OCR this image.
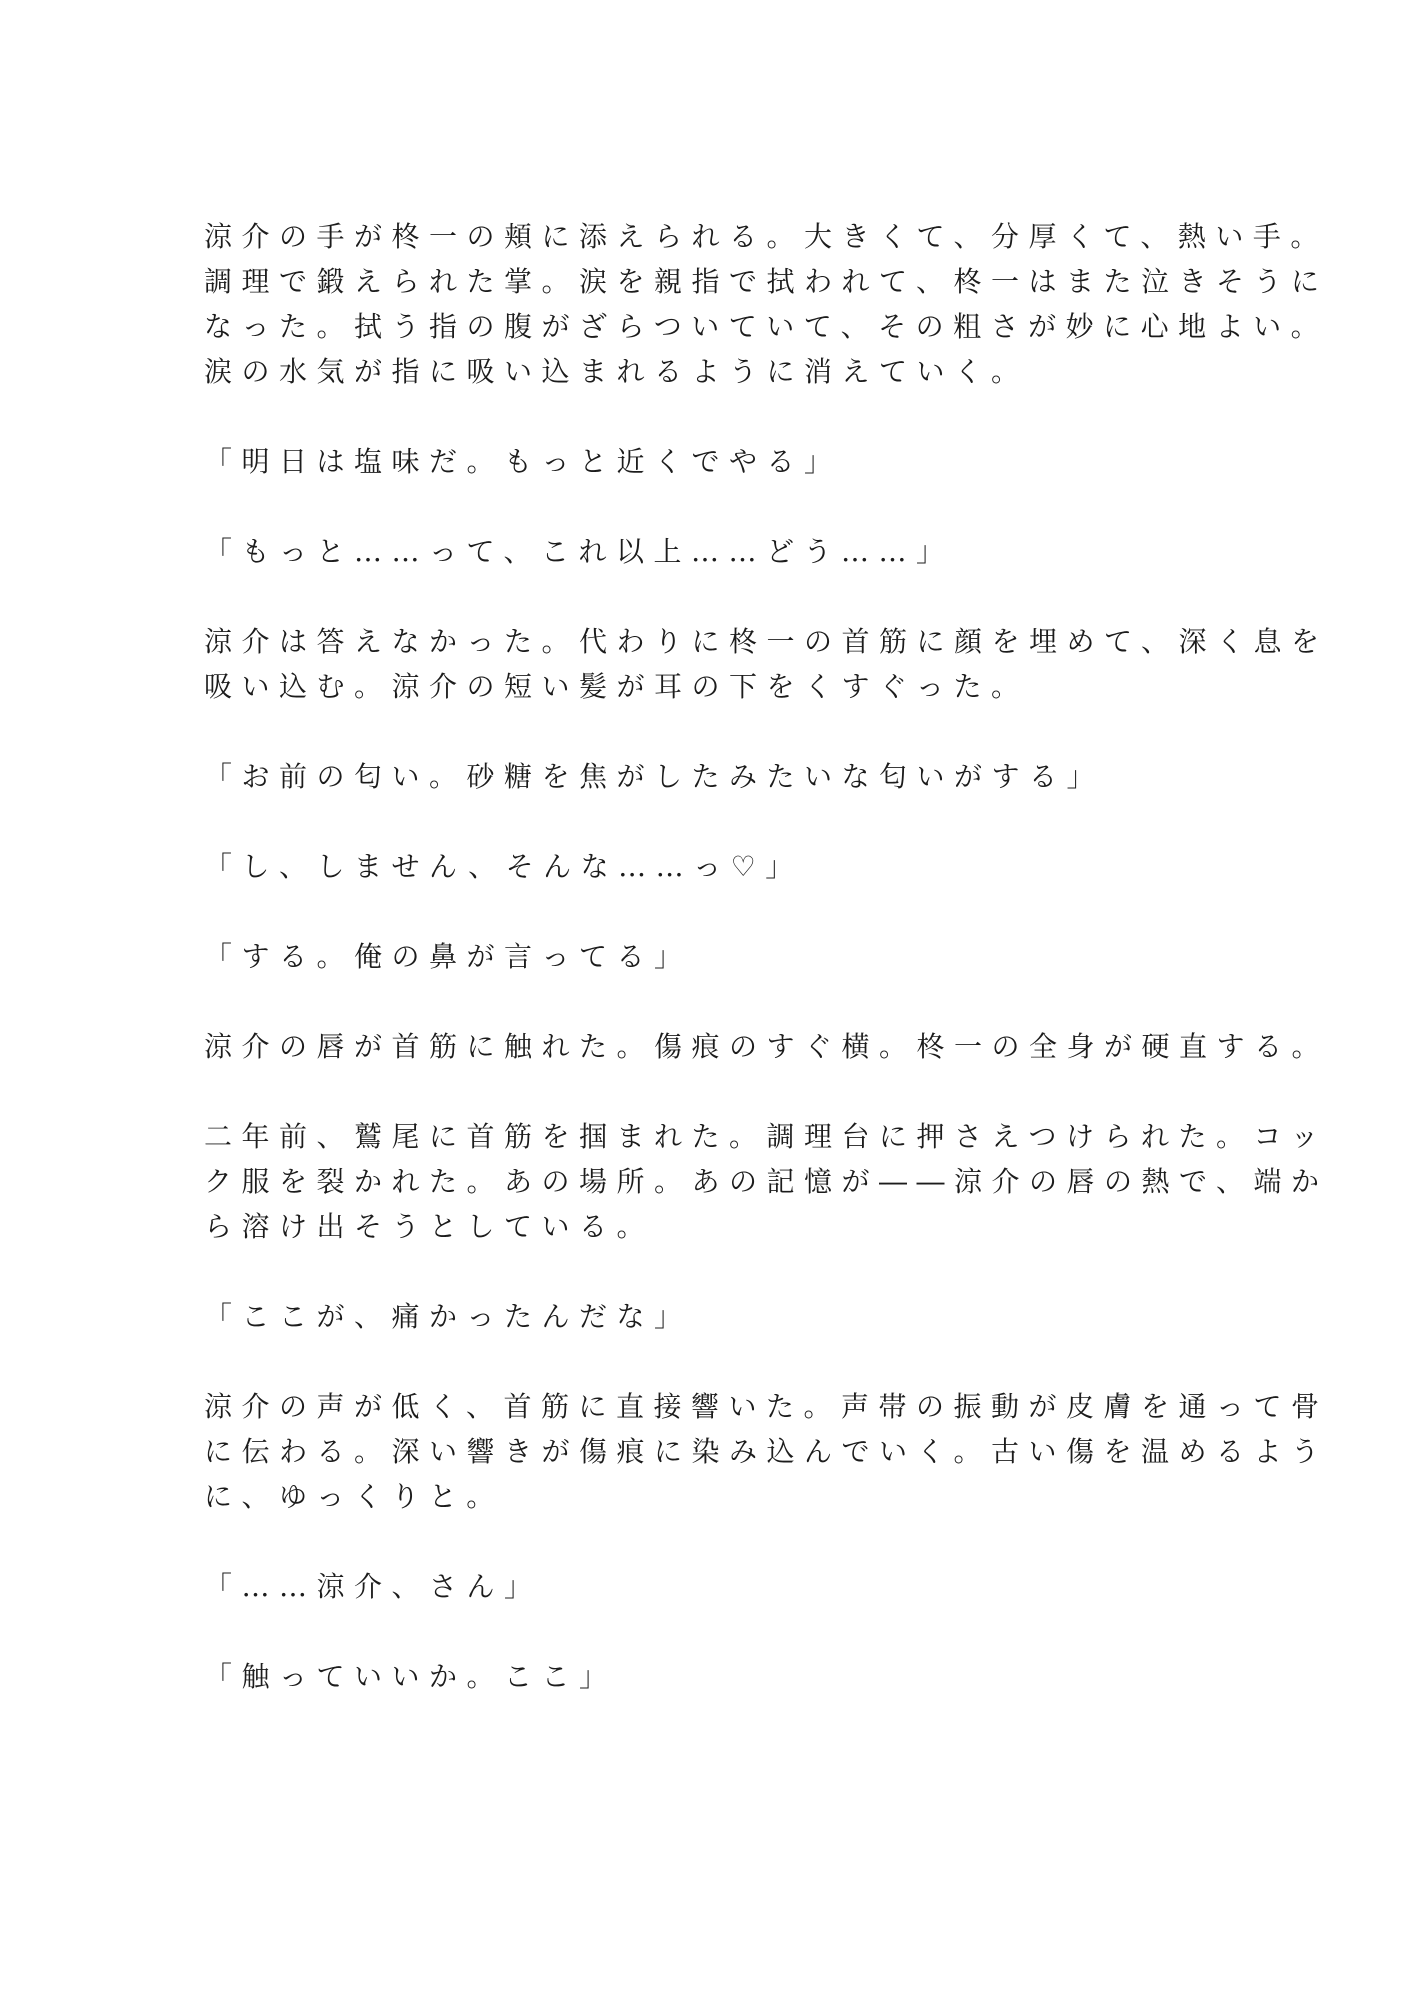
涼介の手が柊一の頬に添えられる。大きくて、分厚くて、熱い手。
調理で鍛えられた掌。涙を親指で拭われて、柊一はまた泣きそうに
なった。拭う指の腹がざらついていて、その粗さが妙に心地よい。
涙の水気が指に吸い込まれるように消えていく。

「明日は塩味だ。もっと近くでやる」

「もっと……って、これ以上……どう……」

涼介は答えなかった。代わりに柊一の首筋に顔を埋めて、深く息を
吸い込む。涼介の短い髪が耳の下をくすぐった。

「お前の匂い。砂糖を焦がしたみたいな匂いがする」

「し、しません、そんな……っ♡」

「する。俺の鼻が言ってる」

涼介の唇が首筋に触れた。傷痕のすぐ横。柊一の全身が硬直する。

二年前、鷲尾に首筋を掴まれた。調理台に押さえつけられた。コッ
ク服を裂かれた。あの場所。あの記憶が――涼介の唇の熱で、端か
ら溶け出そうとしている。

「ここが、痛かったんだな」

涼介の声が低く、首筋に直接響いた。声帯の振動が皮膚を通って骨
に伝わる。深い響きが傷痕に染み込んでいく。古い傷を温めるよう
に、ゆっくりと。

「……涼介、さん」

「触っていいか。ここ」
